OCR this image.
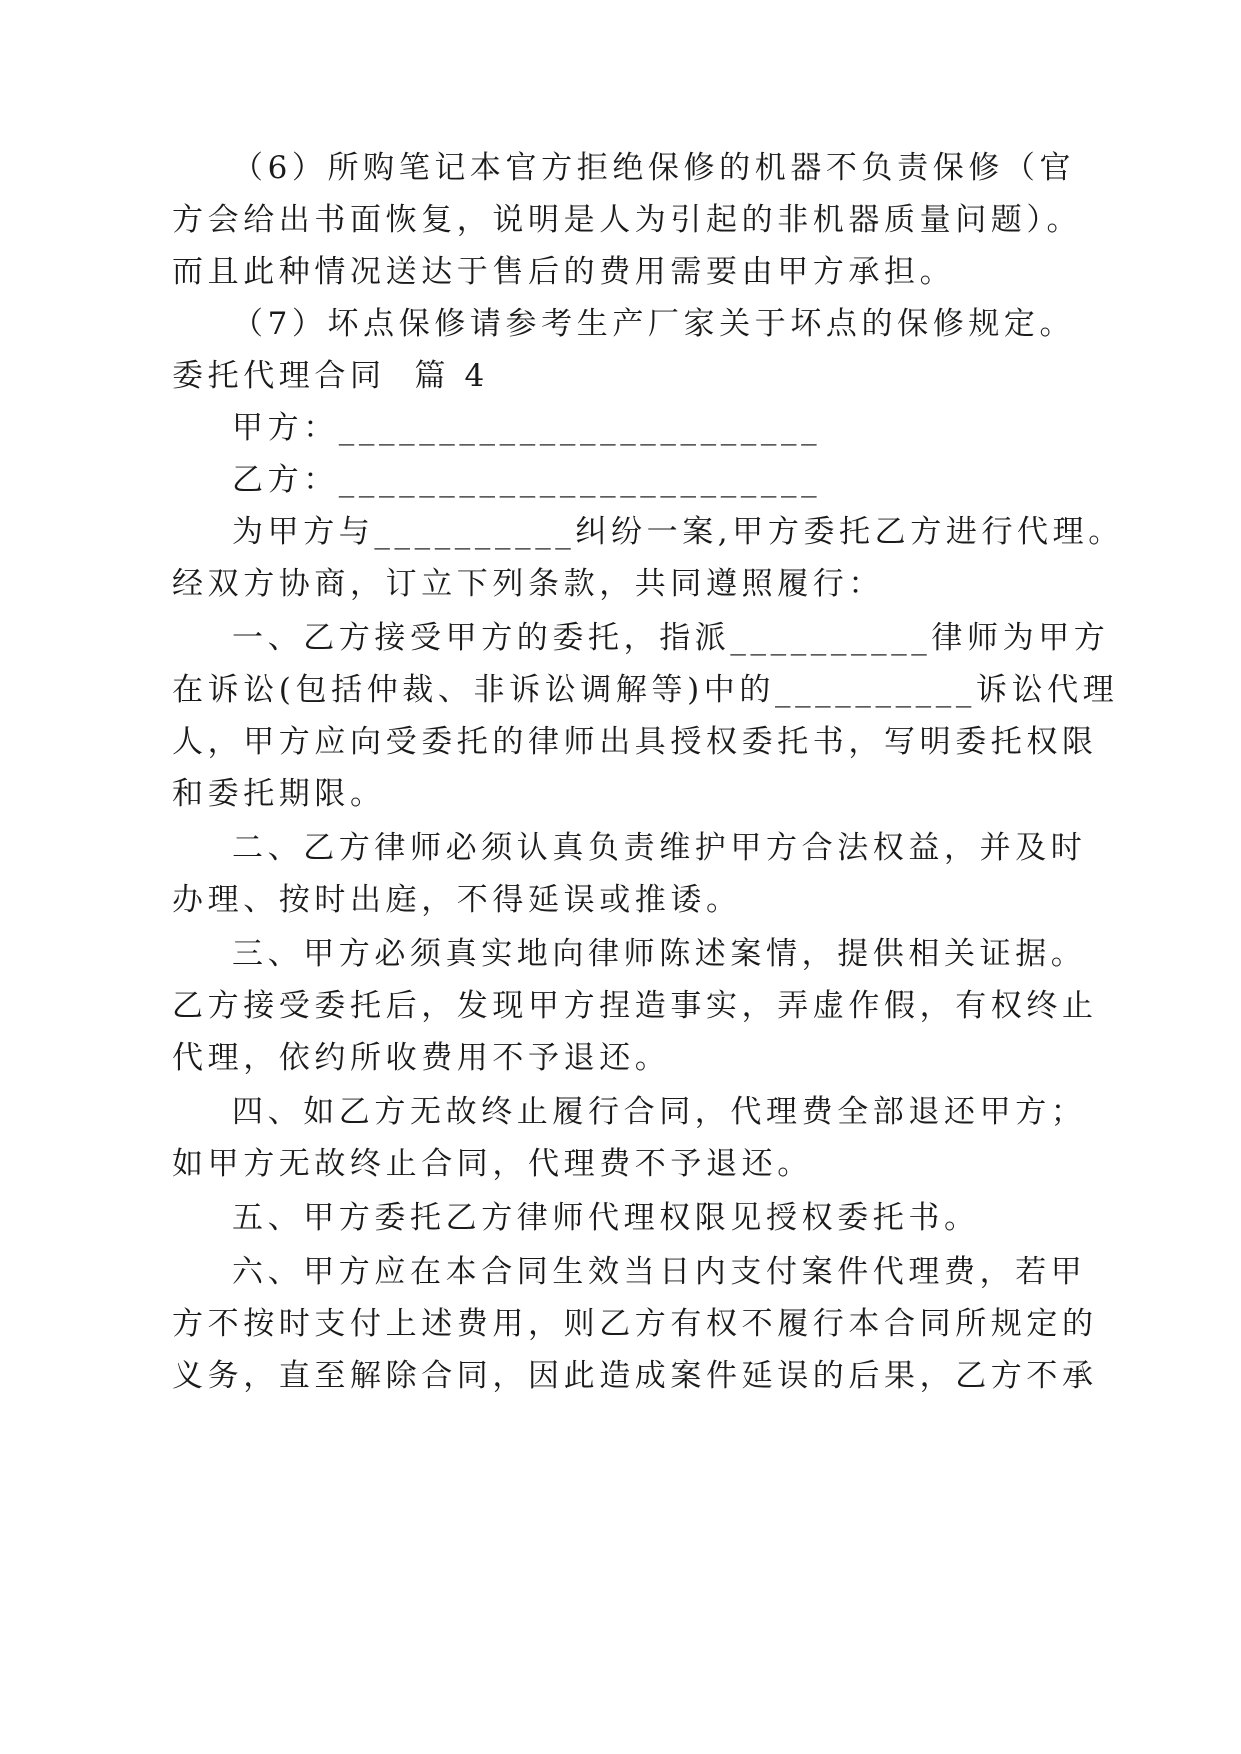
（6）所购笔记本官方拒绝保修的机器不负责保修（官
方会给出书面恢复，说明是人为引起的非机器质量问题）。
而且此种情况送达于售后的费用需要由甲方承担。
（7）坏点保修请参考生产厂家关于坏点的保修规定。
委托代理合同  篇 4
甲方：________________________
乙方：________________________
为甲方与__________纠纷一案,甲方委托乙方进行代理。
经双方协商，订立下列条款，共同遵照履行：
一、乙方接受甲方的委托，指派__________律师为甲方
在诉讼(包括仲裁、非诉讼调解等)中的__________诉讼代理
人，甲方应向受委托的律师出具授权委托书，写明委托权限
和委托期限。
二、乙方律师必须认真负责维护甲方合法权益，并及时
办理、按时出庭，不得延误或推诿。
三、甲方必须真实地向律师陈述案情，提供相关证据。
乙方接受委托后，发现甲方捏造事实，弄虚作假，有权终止
代理，依约所收费用不予退还。
四、如乙方无故终止履行合同，代理费全部退还甲方；
如甲方无故终止合同，代理费不予退还。
五、甲方委托乙方律师代理权限见授权委托书。
六、甲方应在本合同生效当日内支付案件代理费，若甲
方不按时支付上述费用，则乙方有权不履行本合同所规定的
义务，直至解除合同，因此造成案件延误的后果，乙方不承
